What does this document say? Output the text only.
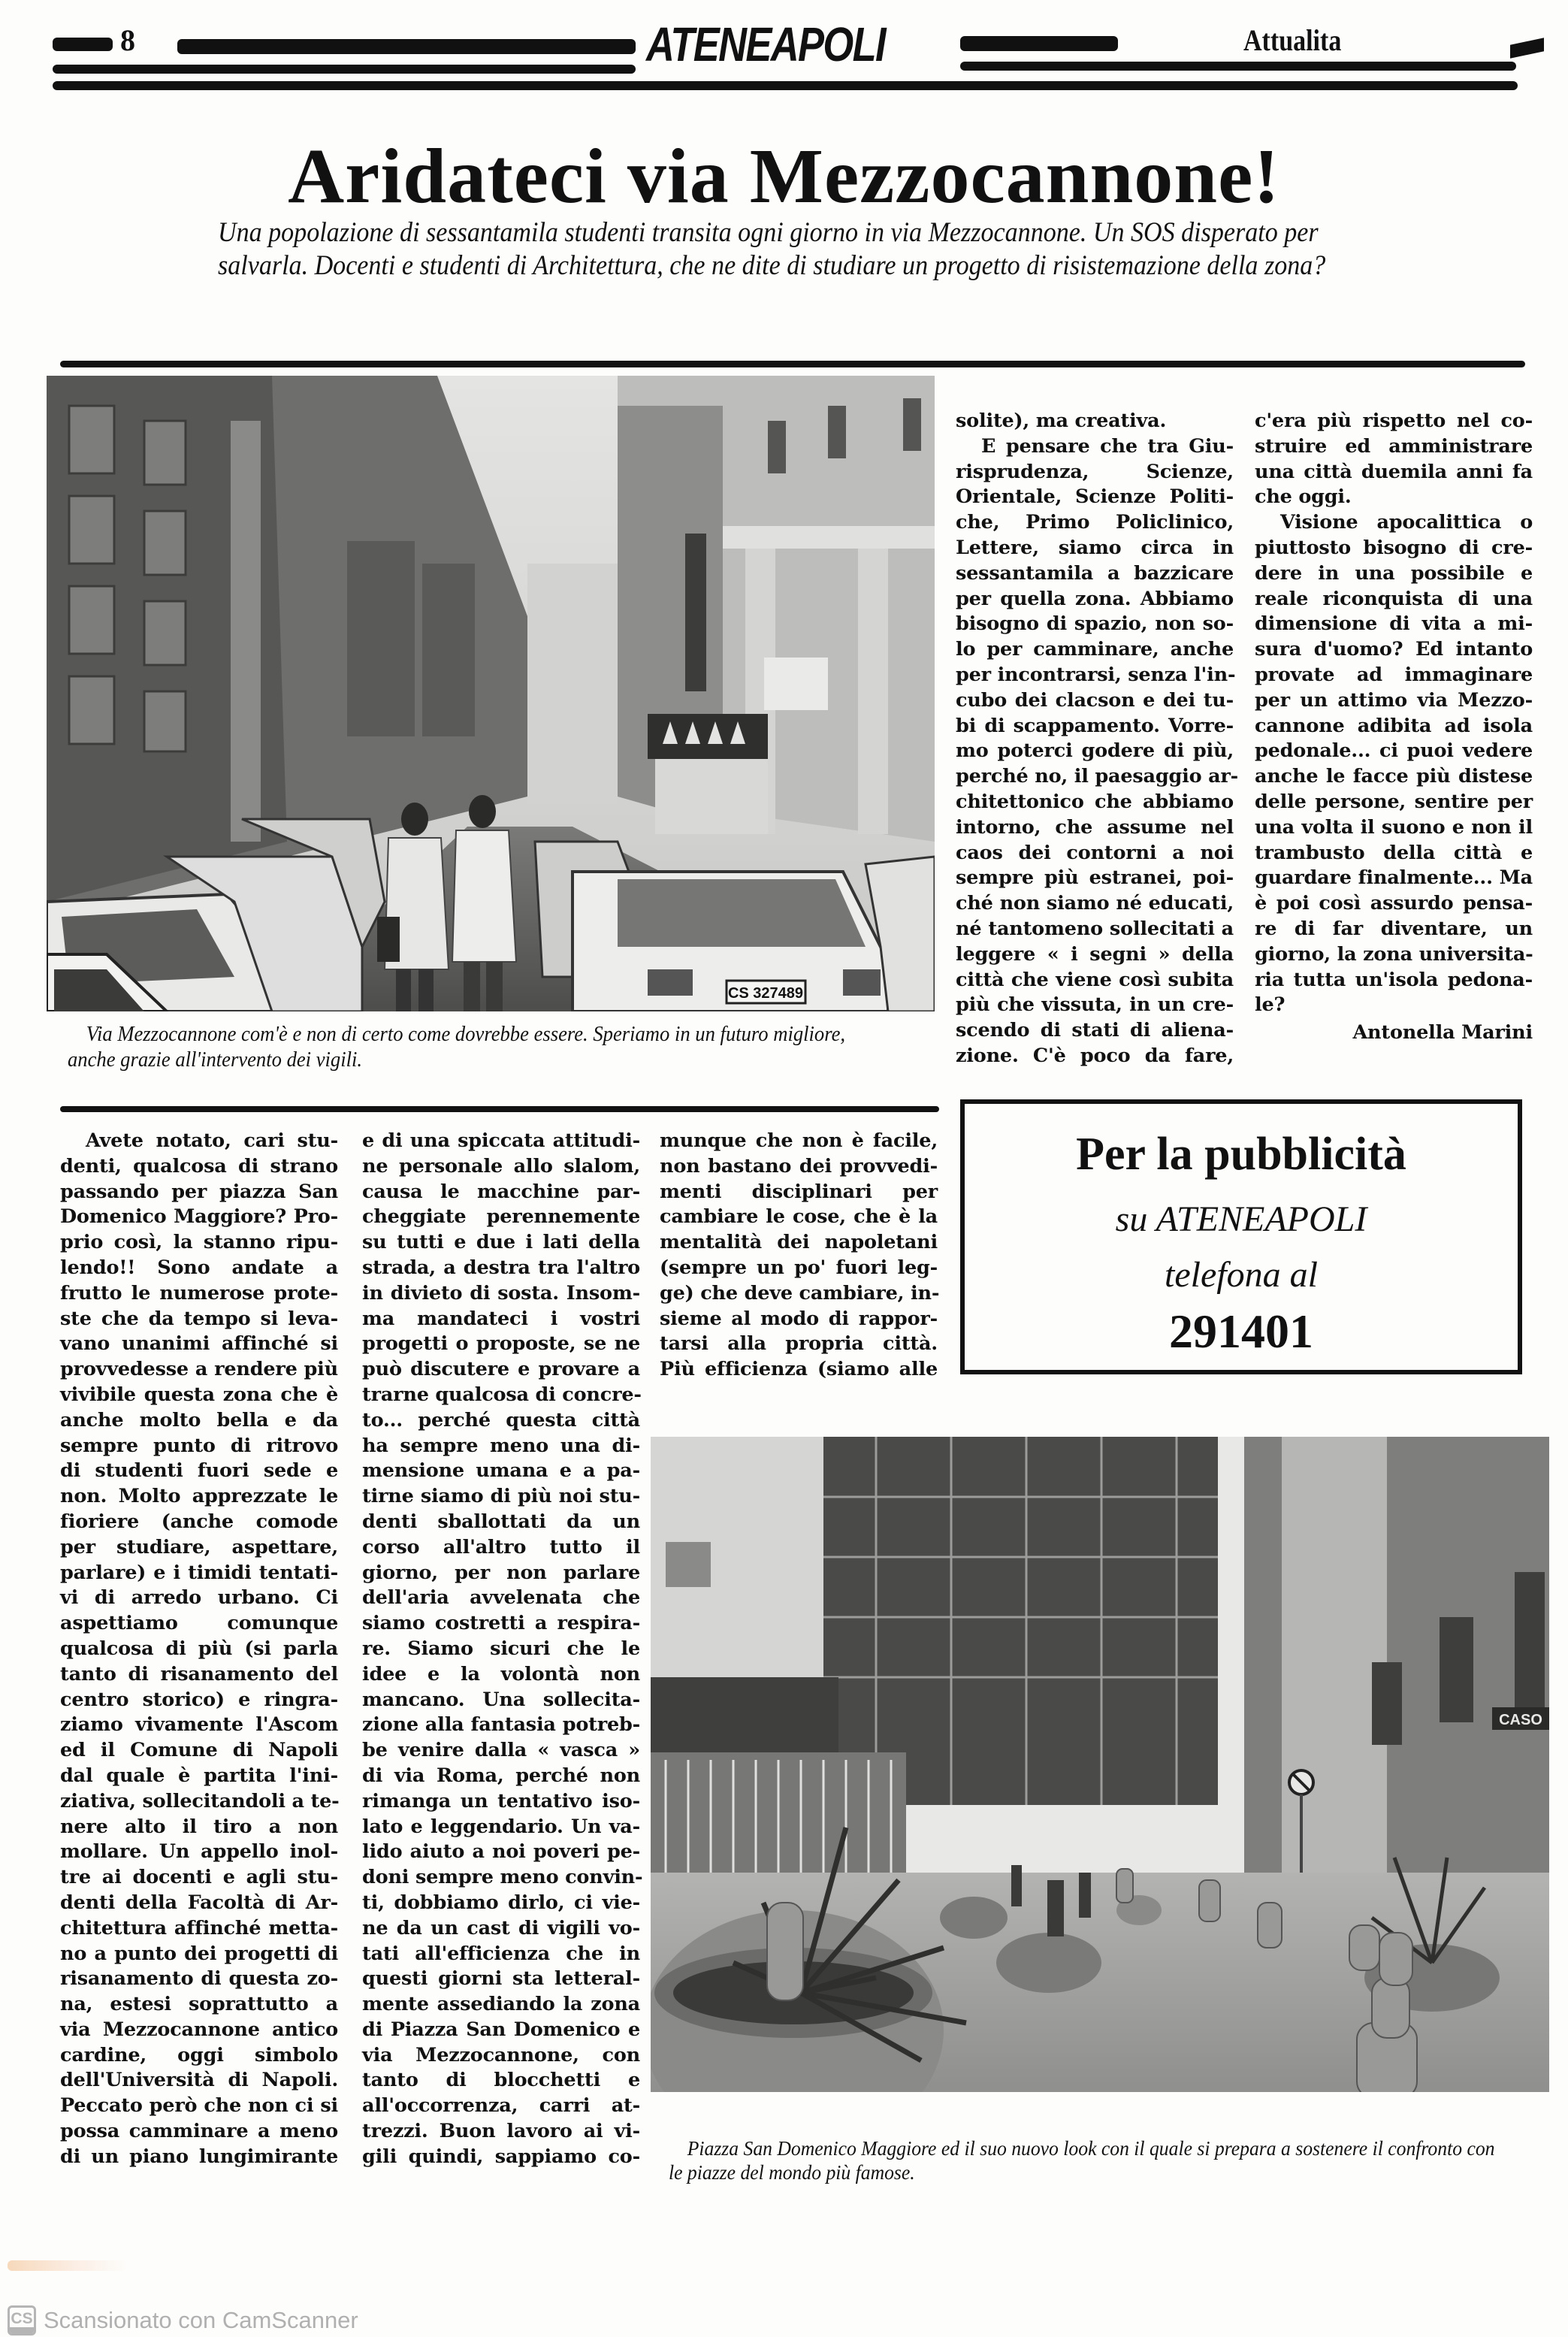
8	ATENEAPOLI	Attualita
Aridateci via Mezzocannone!
Una popolazione di sessantamila studenti transita ogni giorno in via Mezzocannone. Un SOS disperato per salvarla. Docenti e studenti di Architettura, che ne dite di studiare un progetto di risistemazione della zona?
CS 327489
Via Mezzocannone com'è e non di certo come dovrebbe essere. Speriamo in un futuro migliore, anche grazie all'intervento dei vigili.
solite), ma creativa.
E pensare che tra Giu-
risprudenza, Scienze,
Orientale, Scienze Politi-
che, Primo Policlinico,
Lettere, siamo circa in
sessantamila a bazzicare
per quella zona. Abbiamo
bisogno di spazio, non so-
lo per camminare, anche
per incontrarsi, senza l'in-
cubo dei clacson e dei tu-
bi di scappamento. Vorre-
mo poterci godere di più,
perché no, il paesaggio ar-
chitettonico che abbiamo
intorno, che assume nel
caos dei contorni a noi
sempre più estranei, poi-
ché non siamo né educati,
né tantomeno sollecitati a
leggere « i segni » della
città che viene così subita
più che vissuta, in un cre-
scendo di stati di aliena-
zione. C'è poco da fare,
c'era più rispetto nel co-
struire ed amministrare
una città duemila anni fa
che oggi.
Visione apocalittica o
piuttosto bisogno di cre-
dere in una possibile e
reale riconquista di una
dimensione di vita a mi-
sura d'uomo? Ed intanto
provate ad immaginare
per un attimo via Mezzo-
cannone adibita ad isola
pedonale... ci puoi vedere
anche le facce più distese
delle persone, sentire per
una volta il suono e non il
trambusto della città e
guardare finalmente... Ma
è poi così assurdo pensa-
re di far diventare, un
giorno, la zona universita-
ria tutta un'isola pedona-
le?
Antonella Marini
Avete notato, cari stu-
denti, qualcosa di strano
passando per piazza San
Domenico Maggiore? Pro-
prio così, la stanno ripu-
lendo!! Sono andate a
frutto le numerose prote-
ste che da tempo si leva-
vano unanimi affinché si
provvedesse a rendere più
vivibile questa zona che è
anche molto bella e da
sempre punto di ritrovo
di studenti fuori sede e
non. Molto apprezzate le
fioriere (anche comode
per studiare, aspettare,
parlare) e i timidi tentati-
vi di arredo urbano. Ci
aspettiamo comunque
qualcosa di più (si parla
tanto di risanamento del
centro storico) e ringra-
ziamo vivamente l'Ascom
ed il Comune di Napoli
dal quale è partita l'ini-
ziativa, sollecitandoli a te-
nere alto il tiro a non
mollare. Un appello inol-
tre ai docenti e agli stu-
denti della Facoltà di Ar-
chitettura affinché metta-
no a punto dei progetti di
risanamento di questa zo-
na, estesi soprattutto a
via Mezzocannone antico
cardine, oggi simbolo
dell'Università di Napoli.
Peccato però che non ci si
possa camminare a meno
di un piano lungimirante
e di una spiccata attitudi-
ne personale allo slalom,
causa le macchine par-
cheggiate perennemente
su tutti e due i lati della
strada, a destra tra l'altro
in divieto di sosta. Insom-
ma mandateci i vostri
progetti o proposte, se ne
può discutere e provare a
trarne qualcosa di concre-
to... perché questa città
ha sempre meno una di-
mensione umana e a pa-
tirne siamo di più noi stu-
denti sballottati da un
corso all'altro tutto il
giorno, per non parlare
dell'aria avvelenata che
siamo costretti a respira-
re. Siamo sicuri che le
idee e la volontà non
mancano. Una sollecita-
zione alla fantasia potreb-
be venire dalla « vasca »
di via Roma, perché non
rimanga un tentativo iso-
lato e leggendario. Un va-
lido aiuto a noi poveri pe-
doni sempre meno convin-
ti, dobbiamo dirlo, ci vie-
ne da un cast di vigili vo-
tati all'efficienza che in
questi giorni sta letteral-
mente assediando la zona
di Piazza San Domenico e
via Mezzocannone, con
tanto di blocchetti e
all'occorrenza, carri at-
trezzi. Buon lavoro ai vi-
gili quindi, sappiamo co-
munque che non è facile,
non bastano dei provvedi-
menti disciplinari per
cambiare le cose, che è la
mentalità dei napoletani
(sempre un po' fuori leg-
ge) che deve cambiare, in-
sieme al modo di rappor-
tarsi alla propria città.
Più efficienza (siamo alle
Per la pubblicità
su ATENEAPOLI
telefona al
291401
CASO
Piazza San Domenico Maggiore ed il suo nuovo look con il quale si prepara a sostenere il confronto con le piazze del mondo più famose.
CS Scansionato con CamScanner
